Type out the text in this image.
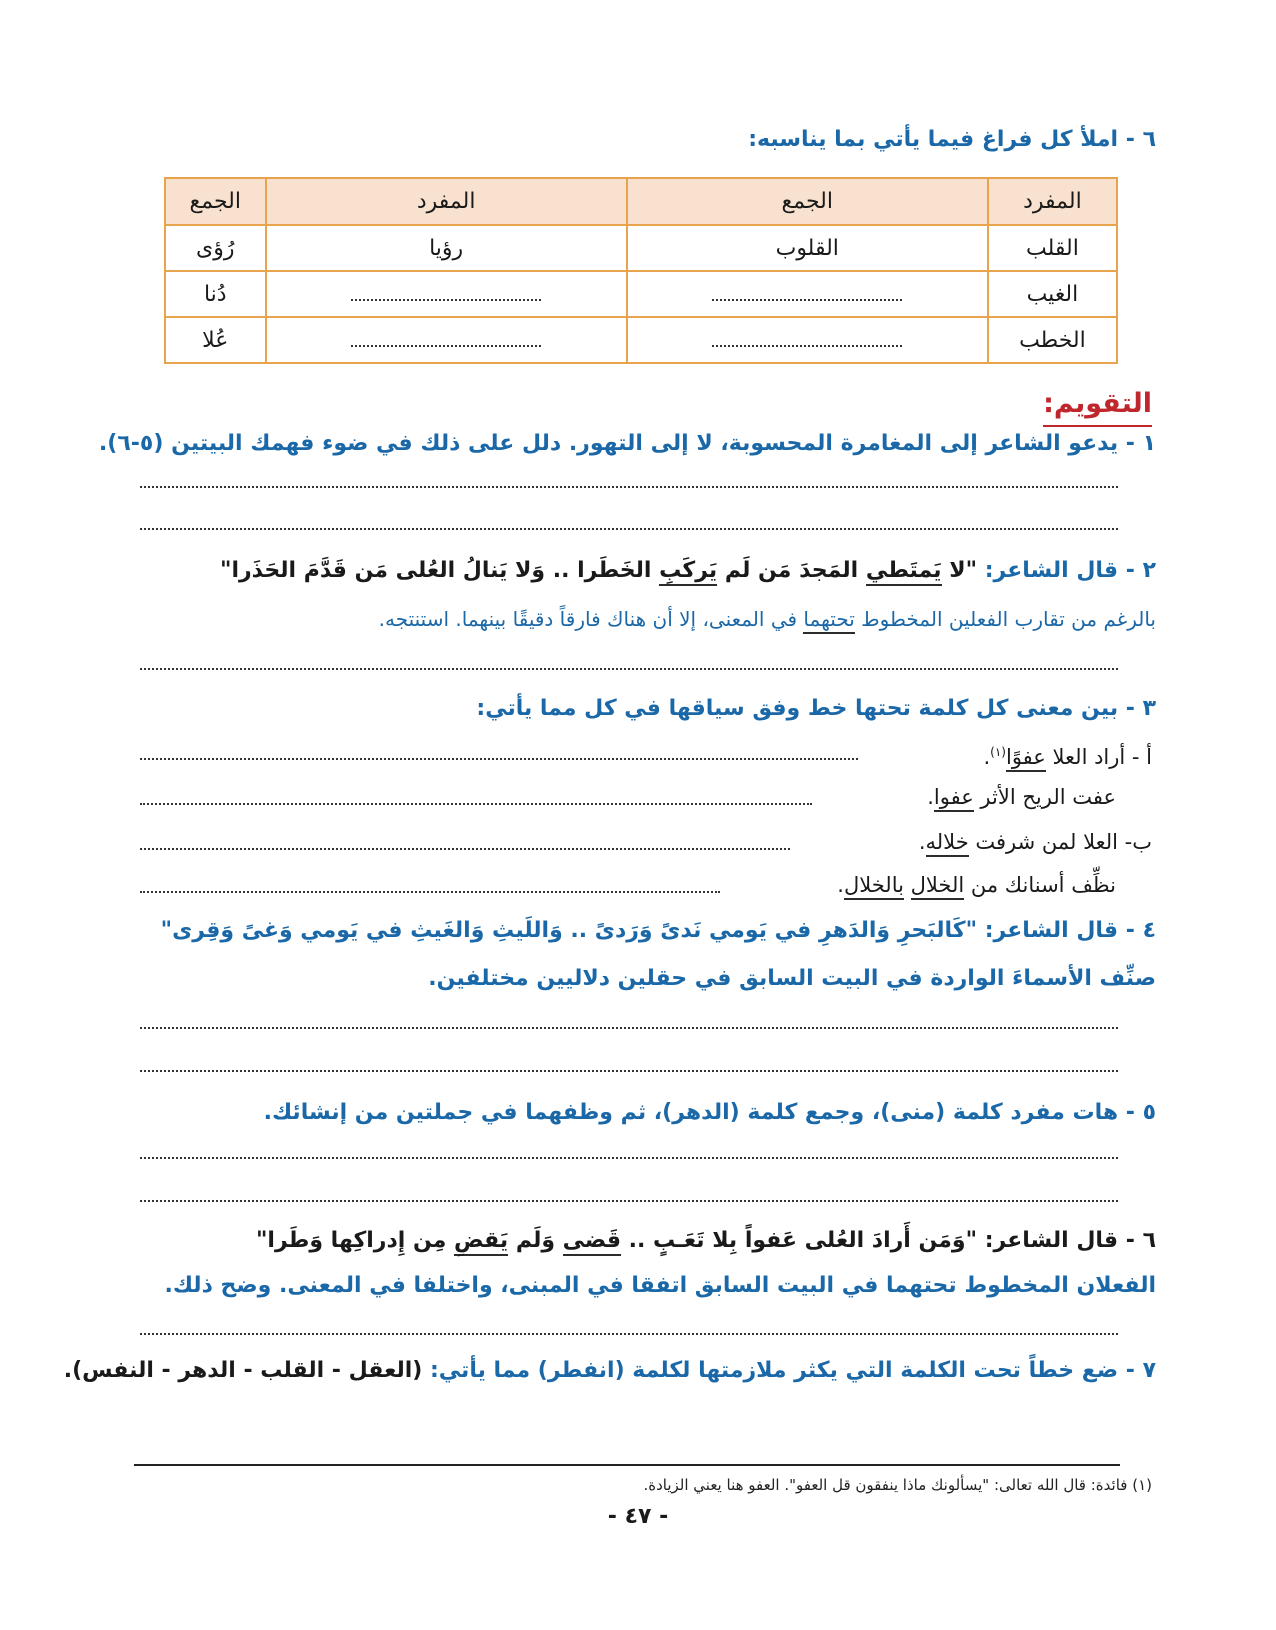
٦ - املأ كل فراغ فيما يأتي بما يناسبه:
المفرد	الجمع	المفرد	الجمع
القلب	القلوب	رؤيا	رُؤى
الغيب			دُنا
الخطب			عُلا
التقويم:
١ - يدعو الشاعر إلى المغامرة المحسوبة، لا إلى التهور. دلل على ذلك في ضوء فهمك البيتين (٥-٦).
٢ - قال الشاعر: "لا يَمتَطي المَجدَ مَن لَم يَركَبِ الخَطَرا .. وَلا يَنالُ العُلى مَن قَدَّمَ الحَذَرا"
بالرغم من تقارب الفعلين المخطوط تحتهما في المعنى، إلا أن هناك فارقاً دقيقًا بينهما. استنتجه.
٣ - بين معنى كل كلمة تحتها خط وفق سياقها في كل مما يأتي:
أ - أراد العلا عفوًا$^{(١)}$.
عفت الريح الأثر عفوا.
ب- العلا لمن شرفت خلاله.
نظِّف أسنانك من الخلال بالخلال.
٤ - قال الشاعر: "كَالبَحرِ وَالدَهرِ في يَومي نَدىً وَرَدىً .. وَاللَيثِ وَالغَيثِ في يَومي وَغىً وَقِرى"
صنِّف الأسماءَ الواردة في البيت السابق في حقلين دلاليين مختلفين.
٥ - هات مفرد كلمة (منى)، وجمع كلمة (الدهر)، ثم وظفهما في جملتين من إنشائك.
٦ - قال الشاعر: "وَمَن أَرادَ العُلى عَفواً بِلا تَعَـبٍ .. قَضى وَلَم يَقضِ مِن إِدراكِها وَطَرا"
الفعلان المخطوط تحتهما في البيت السابق اتفقا في المبنى، واختلفا في المعنى. وضح ذلك.
٧ - ضع خطاً تحت الكلمة التي يكثر ملازمتها لكلمة (انفطر) مما يأتي: (العقل - القلب - الدهر - النفس).
(١) فائدة: قال الله تعالى: "يسألونك ماذا ينفقون قل العفو". العفو هنا يعني الزيادة.
- ٤٧ -
